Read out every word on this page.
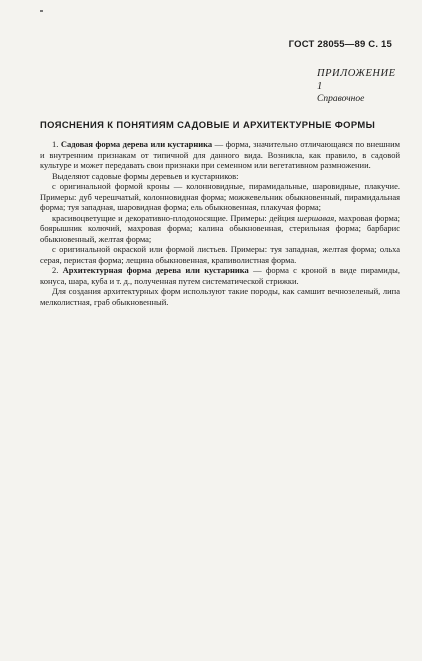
ГОСТ 28055—89 С. 15
ПРИЛОЖЕНИЕ 1
Справочное
ПОЯСНЕНИЯ К ПОНЯТИЯМ САДОВЫЕ И АРХИТЕКТУРНЫЕ ФОРМЫ

1. Садовая форма дерева или кустарника — форма, значительно отличающаяся по внешним и внутренним признакам от типичной для данного вида. Возникла, как правило, в садовой культуре и может передавать свои признаки при семенном или вегетативном размножении.

Выделяют садовые формы деревьев и кустарников:

с оригинальной формой кроны — колонновидные, пирамидальные, шаровидные, плакучие. Примеры: дуб черешчатый, колонновидная форма; можжевельник обыкновенный, пирамидальная форма; туя западная, шаровидная форма; ель обыкновенная, плакучая форма;

красивоцветущие и декоративно-плодоносящие. Примеры: дейция шершавая, махровая форма; боярышник колючий, махровая форма; калина обыкновенная, стерильная форма; барбарис обыкновенный, желтая форма;

с оригинальной окраской или формой листьев. Примеры: туя западная, желтая форма; ольха серая, перистая форма; лещина обыкновенная, крапиволистная форма.

2. Архитектурная форма дерева или кустарника — форма с кроной в виде пирамиды, конуса, шара, куба и т. д., полученная путем систематической стрижки.

Для создания архитектурных форм используют такие породы, как самшит вечнозеленый, липа мелколистная, граб обыкновенный.
